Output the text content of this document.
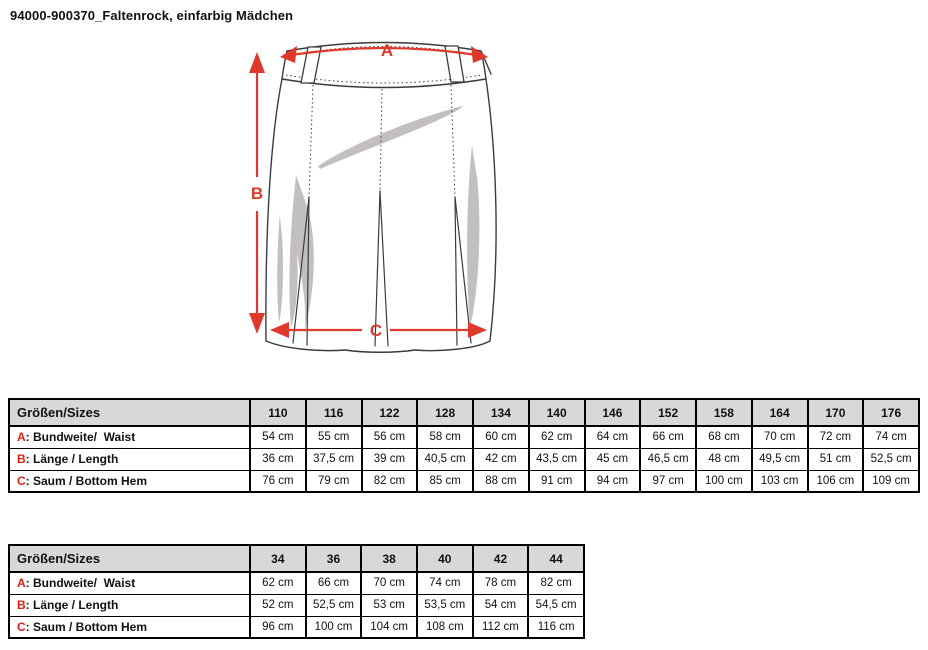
94000-900370_Faltenrock, einfarbig Mädchen
A
B
C
Größen/Sizes	110	116	122	128	134	140	146	152	158	164	170	176
A: Bundweite/  Waist	54 cm	55 cm	56 cm	58 cm	60 cm	62 cm	64 cm	66 cm	68 cm	70 cm	72 cm	74 cm
B: Länge / Length	36 cm	37,5 cm	39 cm	40,5 cm	42 cm	43,5 cm	45 cm	46,5 cm	48 cm	49,5 cm	51 cm	52,5 cm
C: Saum / Bottom Hem	76 cm	79 cm	82 cm	85 cm	88 cm	91 cm	94 cm	97 cm	100 cm	103 cm	106 cm	109 cm
Größen/Sizes	34	36	38	40	42	44
A: Bundweite/  Waist	62 cm	66 cm	70 cm	74 cm	78 cm	82 cm
B: Länge / Length	52 cm	52,5 cm	53 cm	53,5 cm	54 cm	54,5 cm
C: Saum / Bottom Hem	96 cm	100 cm	104 cm	108 cm	112 cm	116 cm
